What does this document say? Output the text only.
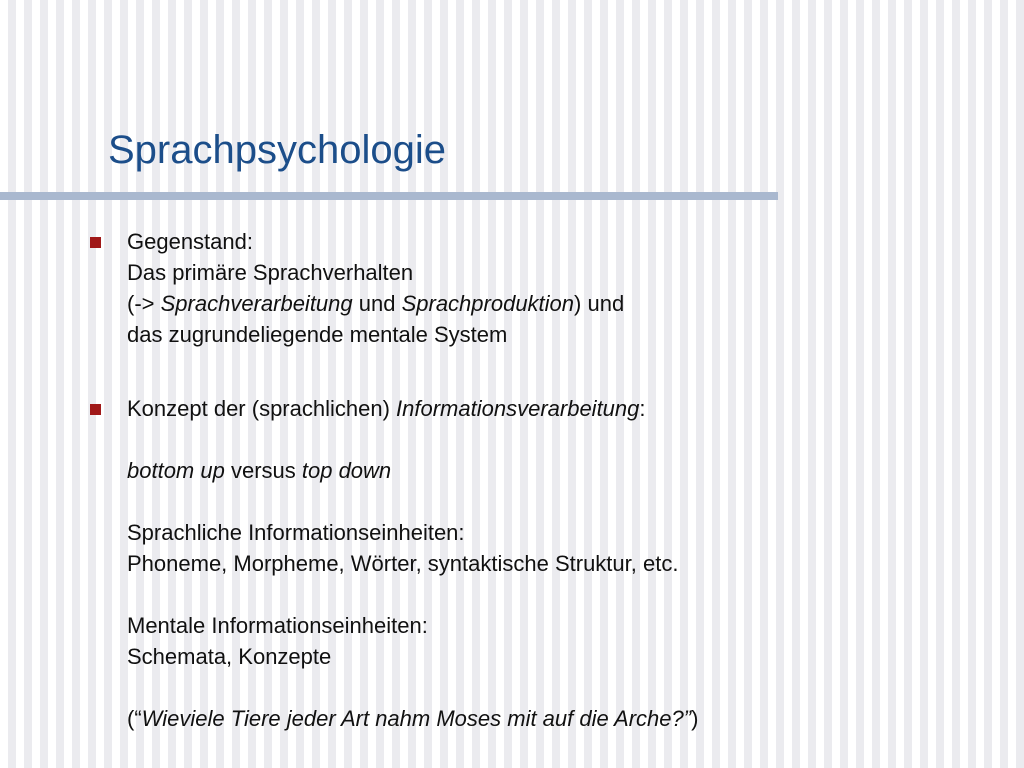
Sprachpsychologie
Gegenstand:
Das primäre Sprachverhalten
(-> Sprachverarbeitung und Sprachproduktion) und
das zugrundeliegende mentale System
Konzept der (sprachlichen) Informationsverarbeitung:
bottom up versus top down
Sprachliche Informationseinheiten:
Phoneme, Morpheme, Wörter, syntaktische Struktur, etc.
Mentale Informationseinheiten:
Schemata, Konzepte
(“Wieviele Tiere jeder Art nahm Moses mit auf die Arche?”)
